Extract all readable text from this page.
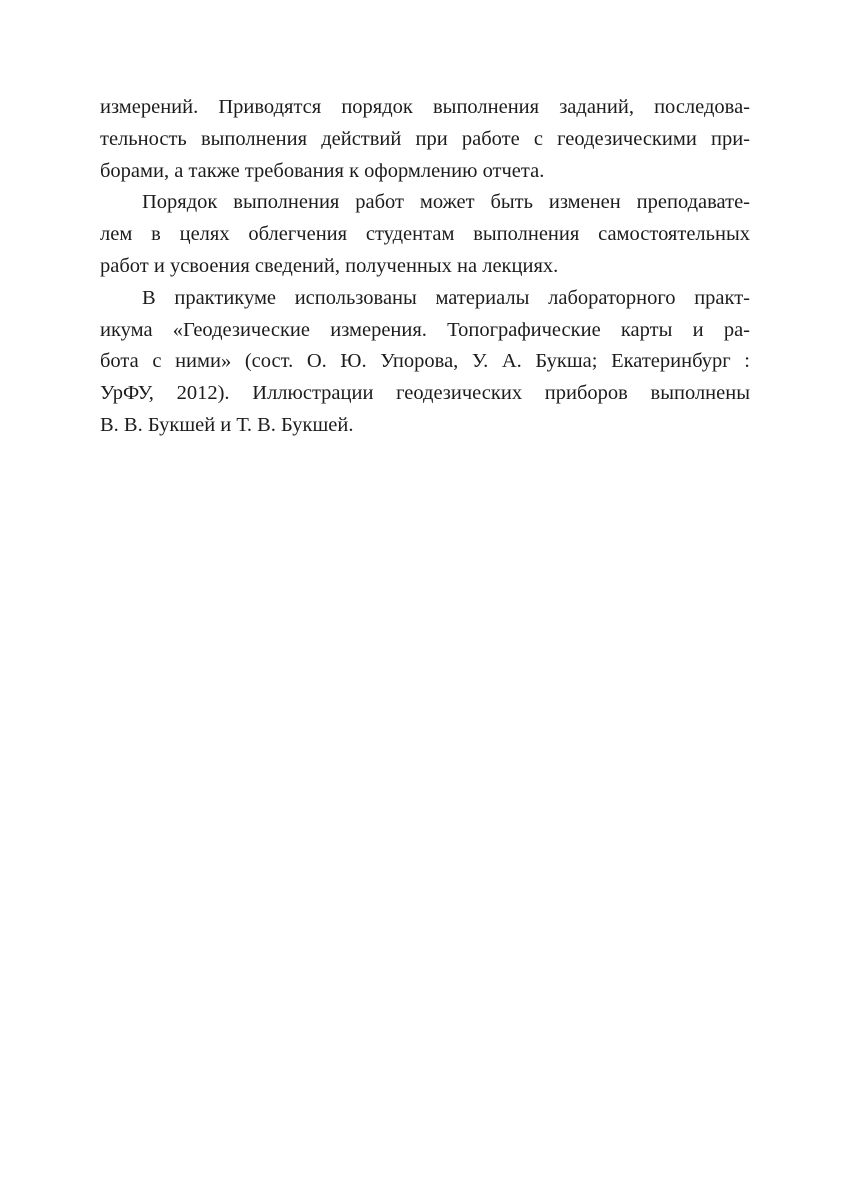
измерений. Приводятся порядок выполнения заданий, последова-
тельность выполнения действий при работе с геодезическими при-
борами, а также требования к оформлению отчета.
Порядок выполнения работ может быть изменен преподавате-
лем в целях облегчения студентам выполнения самостоятельных
работ и усвоения сведений, полученных на лекциях.
В практикуме использованы материалы лабораторного практ-
икума «Геодезические измерения. Топографические карты и ра-
бота с ними» (сост. О. Ю. Упорова, У. А. Букша; Екатеринбург :
УрФУ, 2012). Иллюстрации геодезических приборов выполнены
В. В. Букшей и Т. В. Букшей.
